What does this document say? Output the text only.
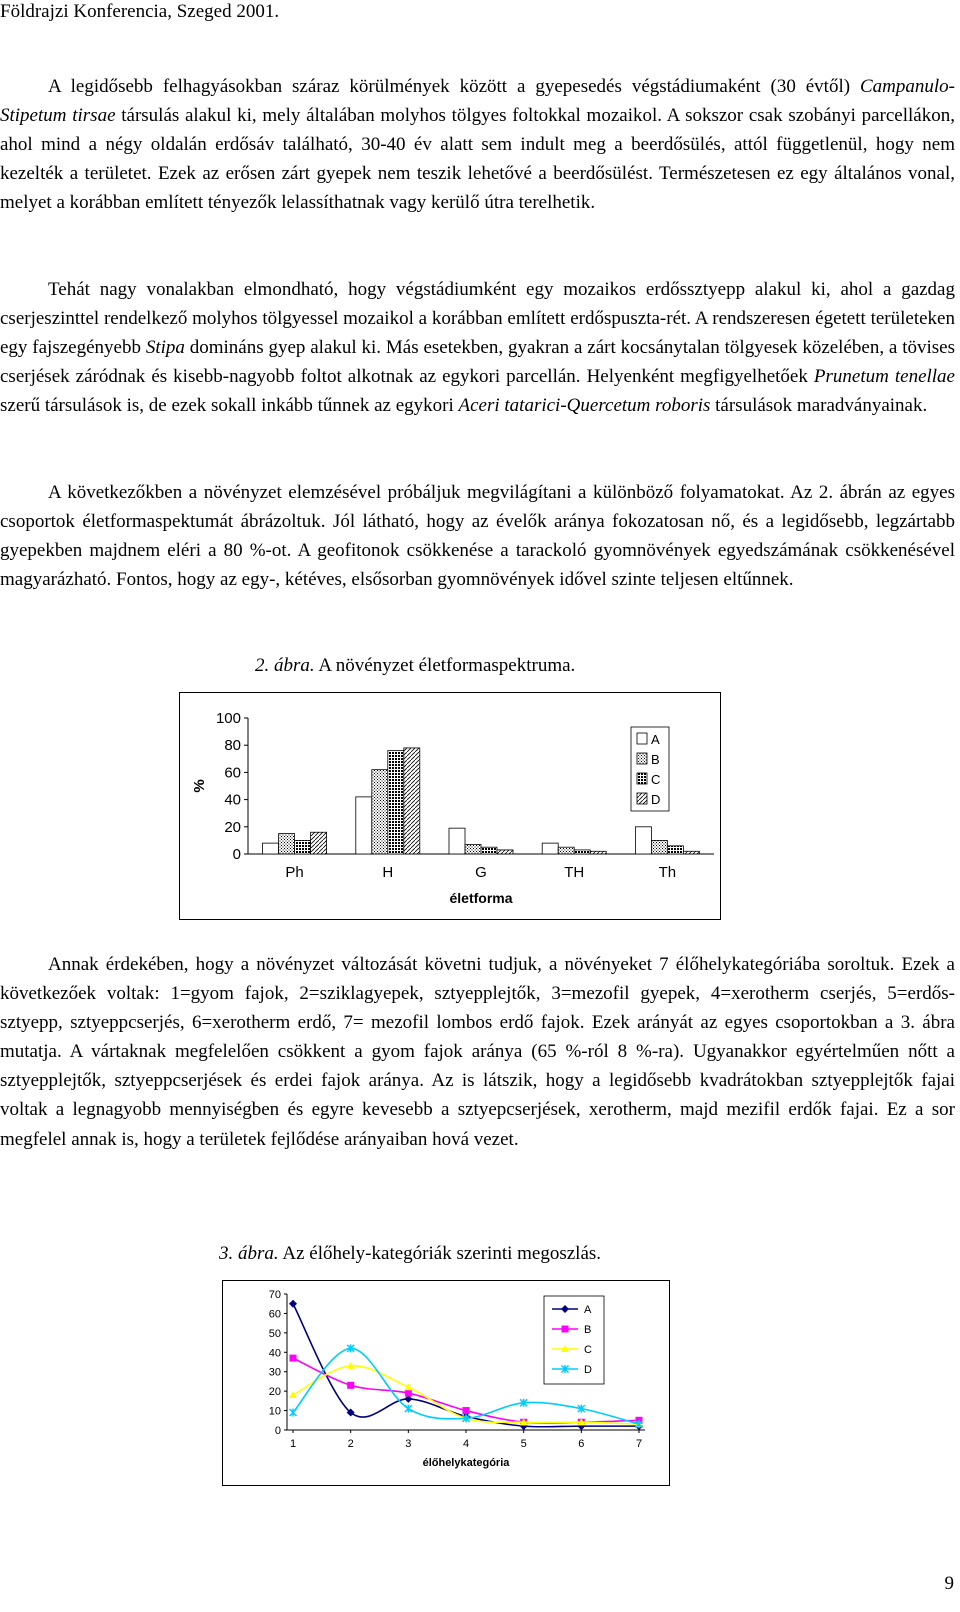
Földrajzi Konferencia, Szeged 2001.

A legidősebb felhagyásokban száraz körülmények között a gyepesedés végstádiumaként (30 évtől) Campanulo-Stipetum tirsae társulás alakul ki, mely általában molyhos tölgyes foltokkal mozaikol. A sokszor csak szobányi parcellákon, ahol mind a négy oldalán erdősáv található, 30-40 év alatt sem indult meg a beerdősülés, attól függetlenül, hogy nem kezelték a területet. Ezek az erősen zárt gyepek nem teszik lehetővé a beerdősülést. Természetesen ez egy általános vonal, melyet a korábban említett tényezők lelassíthatnak vagy kerülő útra terelhetik.

Tehát nagy vonalakban elmondható, hogy végstádiumként egy mozaikos erdőssztyepp alakul ki, ahol a gazdag cserjeszinttel rendelkező molyhos tölgyessel mozaikol a korábban említett erdőspuszta-rét. A rendszeresen égetett területeken egy fajszegényebb Stipa domináns gyep alakul ki. Más esetekben, gyakran a zárt kocsánytalan tölgyesek közelében, a tövises cserjések záródnak és kisebb-nagyobb foltot alkotnak az egykori parcellán. Helyenként megfigyelhetőek Prunetum tenellae szerű társulások is, de ezek sokall inkább tűnnek az egykori Aceri tatarici-Quercetum roboris társulások maradványainak.

A következőkben a növényzet elemzésével próbáljuk megvilágítani a különböző folyamatokat. Az 2. ábrán az egyes csoportok életformaspektumát ábrázoltuk. Jól látható, hogy az évelők aránya fokozatosan nő, és a legidősebb, legzártabb gyepekben majdnem eléri a 80 %-ot. A geofitonok csökkenése a tarackoló gyomnövények egyedszámának csökkenésével magyarázható. Fontos, hogy az egy-, kétéves, elsősorban gyomnövények idővel szinte teljesen eltűnnek.

2. ábra. A növényzet életformaspektruma.
0
20
40
60
80
100
Ph	H	G	TH	Th
életforma
%
A
B
C
D

Annak érdekében, hogy a növényzet változását követni tudjuk, a növényeket 7 élőhelykategóriába soroltuk. Ezek a következőek voltak: 1=gyom fajok, 2=sziklagyepek, sztyepplejtők, 3=mezofil gyepek, 4=xerotherm cserjés, 5=erdős-sztyepp, sztyeppcserjés, 6=xerotherm erdő, 7= mezofil lombos erdő fajok. Ezek arányát az egyes csoportokban a 3. ábra mutatja. A vártaknak megfelelően csökkent a gyom fajok aránya (65 %-ról 8 %-ra). Ugyanakkor egyértelműen nőtt a sztyepplejtők, sztyeppcserjések és erdei fajok aránya. Az is látszik, hogy a legidősebb kvadrátokban sztyepplejtők fajai voltak a legnagyobb mennyiségben és egyre kevesebb a sztyepcserjések, xerotherm, majd mezifil erdők fajai. Ez a sor megfelel annak is, hogy a területek fejlődése arányaiban hová vezet.

3. ábra. Az élőhely-kategóriák szerinti megoszlás.
0
10
20
30
40
50
60
70
1	2	3	4	5	6	7
élőhelykategória
A
B
C
D
9
